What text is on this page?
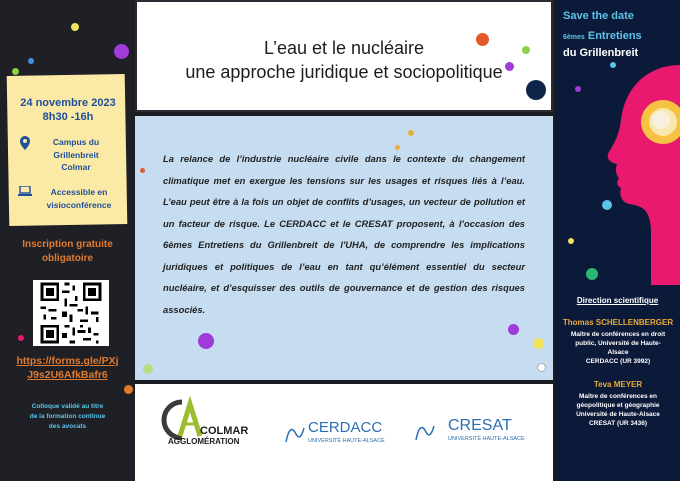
L’eau et le nucléaire
une approche juridique et sociopolitique
La relance de l’industrie nucléaire civile dans le contexte du changement climatique met en exergue les tensions sur les usages et risques liés à l’eau. L’eau peut être à la fois un objet de conflits d’usages, un vecteur de pollution et un facteur de risque. Le CERDACC et le CRESAT proposent, à l’occasion des 6èmes Entretiens du Grillenbreit de l'UHA, de comprendre les implications juridiques et politiques de l’eau en tant qu’élément essentiel du secteur nucléaire, et d’esquisser des outils de gouvernance et de gestion des risques associés.
COLMAR
AGGLOMÉRATION
CERDACC
UNIVERSITÉ HAUTE-ALSACE
CRESAT
UNIVERSITÉ HAUTE-ALSACE
24 novembre 2023
8h30 -16h
Campus du
Grillenbreit
Colmar
Accessible en
visioconférence
Inscription gratuite
obligatoire
https://forms.gle/PXj
J9s2U6AfkBafr6
Colloque validé au titre
de la formation continue
des avocats
Save the date
6èmes Entretiens
du Grillenbreit
Direction scientifique
Thomas SCHELLENBERGER
Maître de conférences en droit
public, Université de Haute-
Alsace
CERDACC (UR 3992)
Teva MEYER
Maître de conférences en
géopolitique et géographie
Université de Haute-Alsace
CRESAT (UR 3436)
